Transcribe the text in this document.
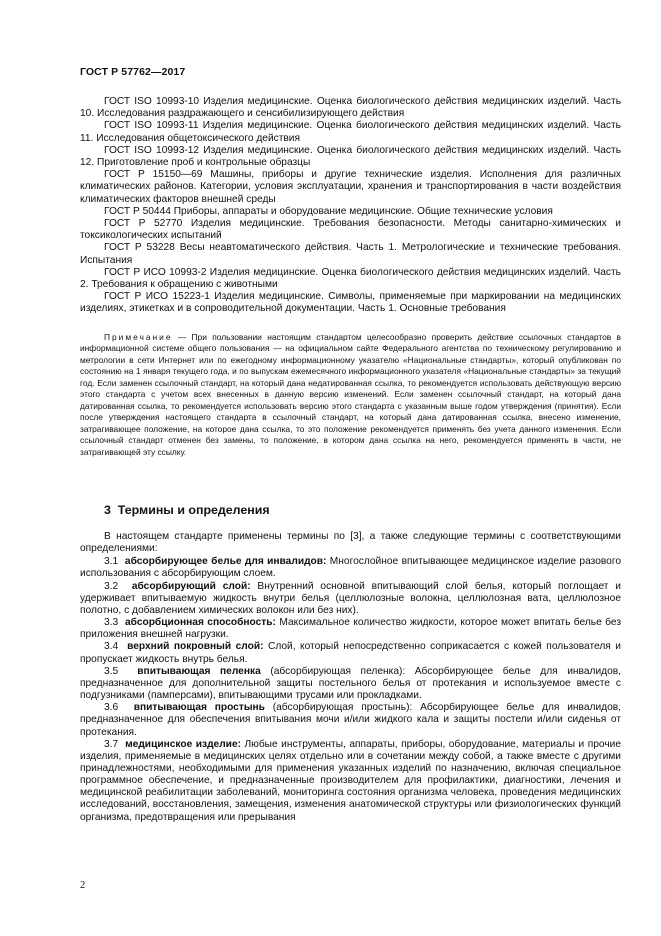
ГОСТ Р 57762—2017

ГОСТ ISO 10993-10 Изделия медицинские. Оценка биологического действия медицинских изделий. Часть 10. Исследования раздражающего и сенсибилизирующего действия

ГОСТ ISO 10993-11 Изделия медицинские. Оценка биологического действия медицинских изделий. Часть 11. Исследования общетоксического действия

ГОСТ ISO 10993-12 Изделия медицинские. Оценка биологического действия медицинских изделий. Часть 12. Приготовление проб и контрольные образцы

ГОСТ Р 15150—69 Машины, приборы и другие технические изделия. Исполнения для различных климатических районов. Категории, условия эксплуатации, хранения и транспортирования в части воздействия климатических факторов внешней среды

ГОСТ Р 50444 Приборы, аппараты и оборудование медицинские. Общие технические условия

ГОСТ Р 52770 Изделия медицинские. Требования безопасности. Методы санитарно-химических и токсикологических испытаний

ГОСТ Р 53228 Весы неавтоматического действия. Часть 1. Метрологические и технические требования. Испытания

ГОСТ Р ИСО 10993-2 Изделия медицинские. Оценка биологического действия медицинских изделий. Часть 2. Требования к обращению с животными

ГОСТ Р ИСО 15223-1 Изделия медицинские. Символы, применяемые при маркировании на медицинских изделиях, этикетках и в сопроводительной документации. Часть 1. Основные требования

Примечание — При пользовании настоящим стандартом целесообразно проверить действие ссылочных стандартов в информационной системе общего пользования — на официальном сайте Федерального агентства по техническому регулированию и метрологии в сети Интернет или по ежегодному информационному указателю «Национальные стандарты», который опубликован по состоянию на 1 января текущего года, и по выпускам ежемесячного информационного указателя «Национальные стандарты» за текущий год. Если заменен ссылочный стандарт, на который дана недатированная ссылка, то рекомендуется использовать действующую версию этого стандарта с учетом всех внесенных в данную версию изменений. Если заменен ссылочный стандарт, на который дана датированная ссылка, то рекомендуется использовать версию этого стандарта с указанным выше годом утверждения (принятия). Если после утверждения настоящего стандарта в ссылочный стандарт, на который дана датированная ссылка, внесено изменение, затрагивающее положение, на которое дана ссылка, то это положение рекомендуется применять без учета данного изменения. Если ссылочный стандарт отменен без замены, то положение, в котором дана ссылка на него, рекомендуется применять в части, не затрагивающей эту ссылку.

3 Термины и определения

В настоящем стандарте применены термины по [3], а также следующие термины с соответствующими определениями:

3.1 абсорбирующее белье для инвалидов: Многослойное впитывающее медицинское изделие разового использования с абсорбирующим слоем.

3.2 абсорбирующий слой: Внутренний основной впитывающий слой белья, который поглощает и удерживает впитываемую жидкость внутри белья (целлюлозные волокна, целлюлозная вата, целлюлозное полотно, с добавлением химических волокон или без них).

3.3 абсорбционная способность: Максимальное количество жидкости, которое может впитать белье без приложения внешней нагрузки.

3.4 верхний покровный слой: Слой, который непосредственно соприкасается с кожей пользователя и пропускает жидкость внутрь белья.

3.5 впитывающая пеленка (абсорбирующая пеленка): Абсорбирующее белье для инвалидов, предназначенное для дополнительной защиты постельного белья от протекания и используемое вместе с подгузниками (памперсами), впитывающими трусами или прокладками.

3.6 впитывающая простынь (абсорбирующая простынь): Абсорбирующее белье для инвалидов, предназначенное для обеспечения впитывания мочи и/или жидкого кала и защиты постели и/или сиденья от протекания.

3.7 медицинское изделие: Любые инструменты, аппараты, приборы, оборудование, материалы и прочие изделия, применяемые в медицинских целях отдельно или в сочетании между собой, а также вместе с другими принадлежностями, необходимыми для применения указанных изделий по назначению, включая специальное программное обеспечение, и предназначенные производителем для профилактики, диагностики, лечения и медицинской реабилитации заболеваний, мониторинга состояния организма человека, проведения медицинских исследований, восстановления, замещения, изменения анатомической структуры или физиологических функций организма, предотвращения или прерывания

2
